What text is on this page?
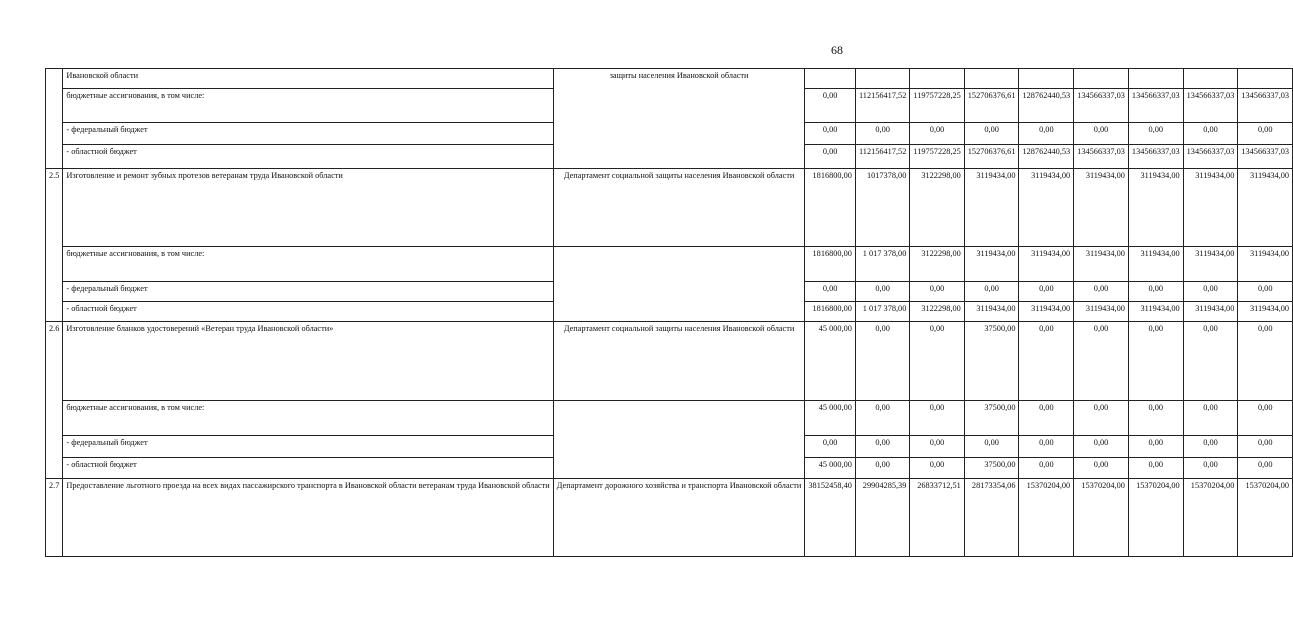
68
	Ивановской области	защиты населения Ивановской области									
	бюджетные ассигнования, в том числе:		0,00	112156417,52	119757228,25	152706376,61	128762440,53	134566337,03	134566337,03	134566337,03	134566337,03
	- федеральный бюджет		0,00	0,00	0,00	0,00	0,00	0,00	0,00	0,00	0,00
	- областной бюджет		0,00	112156417,52	119757228,25	152706376,61	128762440,53	134566337,03	134566337,03	134566337,03	134566337,03
2.5	Изготовление и ремонт зубных протезов ветеранам труда Ивановской области	Департамент социальной защиты населения Ивановской области	1816800,00	1017378,00	3122298,00	3119434,00	3119434,00	3119434,00	3119434,00	3119434,00	3119434,00
	бюджетные ассигнования, в том числе:		1816800,00	1 017 378,00	3122298,00	3119434,00	3119434,00	3119434,00	3119434,00	3119434,00	3119434,00
	- федеральный бюджет		0,00	0,00	0,00	0,00	0,00	0,00	0,00	0,00	0,00
	- областной бюджет		1816800,00	1 017 378,00	3122298,00	3119434,00	3119434,00	3119434,00	3119434,00	3119434,00	3119434,00
2.6	Изготовление бланков удостоверений «Ветеран труда Ивановской области»	Департамент социальной защиты населения Ивановской области	45 000,00	0,00	0,00	37500,00	0,00	0,00	0,00	0,00	0,00
	бюджетные ассигнования, в том числе:		45 000,00	0,00	0,00	37500,00	0,00	0,00	0,00	0,00	0,00
	- федеральный бюджет		0,00	0,00	0,00	0,00	0,00	0,00	0,00	0,00	0,00
	- областной бюджет		45 000,00	0,00	0,00	37500,00	0,00	0,00	0,00	0,00	0,00
2.7	Предоставление льготного проезда на всех видах пассажирского транспорта в Ивановской области ветеранам труда Ивановской области	Департамент дорожного хозяйства и транспорта Ивановской области	38152458,40	29904285,39	26833712,51	28173354,06	15370204,00	15370204,00	15370204,00	15370204,00	15370204,00
